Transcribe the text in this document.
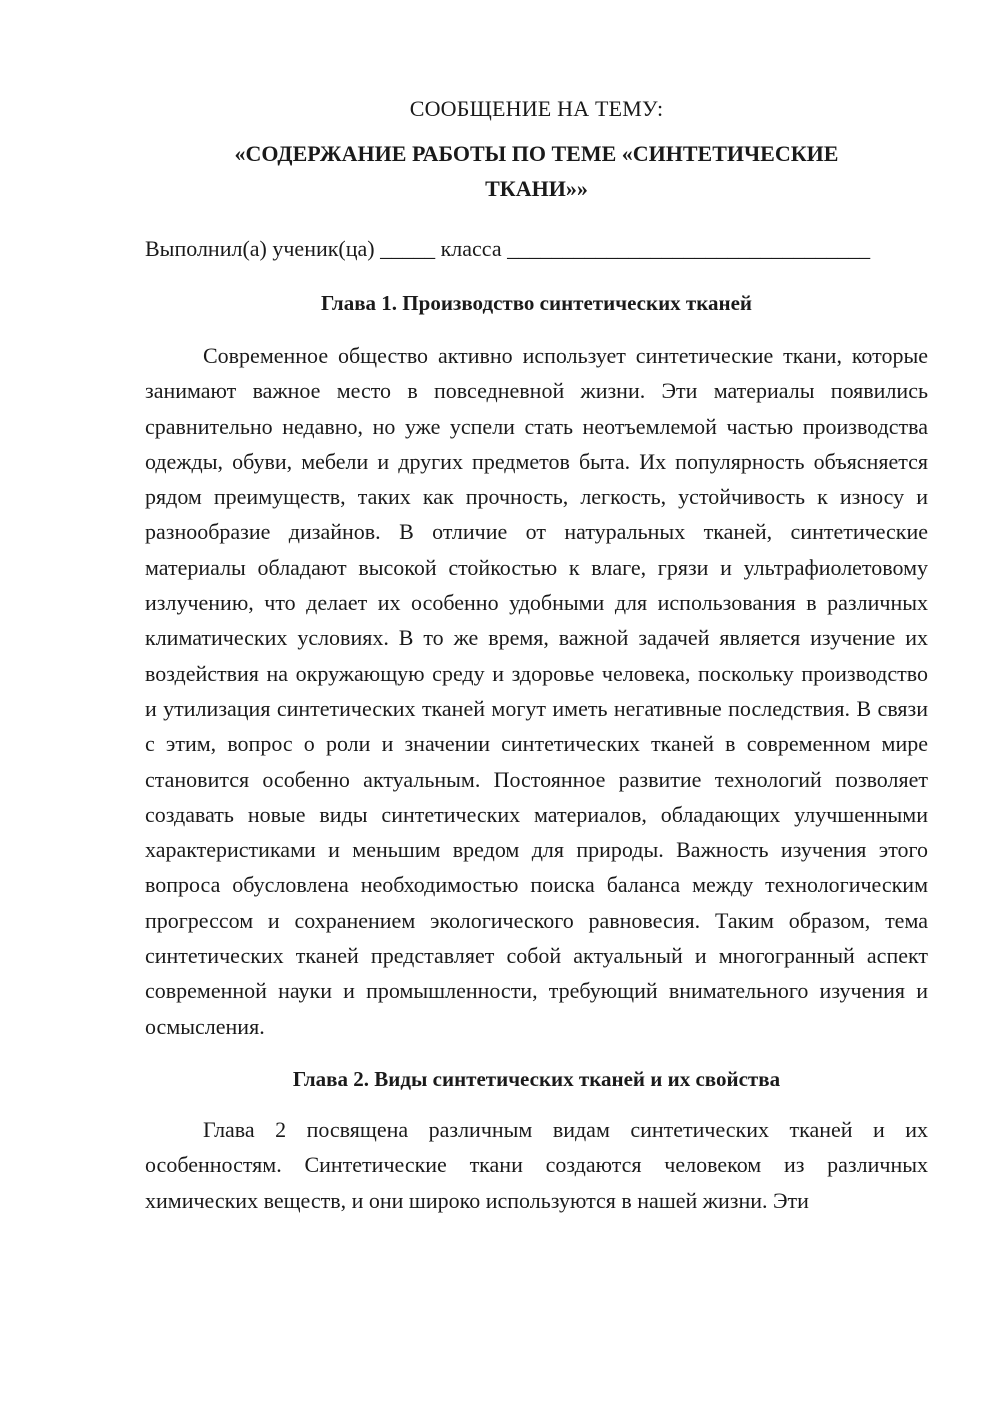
СООБЩЕНИЕ НА ТЕМУ:

«СОДЕРЖАНИЕ РАБОТЫ ПО ТЕМЕ «СИНТЕТИЧЕСКИЕ ТКАНИ»»

Выполнил(а) ученик(ца) _____ класса _________________________________

Глава 1. Производство синтетических тканей

Современное общество активно использует синтетические ткани, которые занимают важное место в повседневной жизни. Эти материалы появились сравнительно недавно, но уже успели стать неотъемлемой частью производства одежды, обуви, мебели и других предметов быта. Их популярность объясняется рядом преимуществ, таких как прочность, легкость, устойчивость к износу и разнообразие дизайнов. В отличие от натуральных тканей, синтетические материалы обладают высокой стойкостью к влаге, грязи и ультрафиолетовому излучению, что делает их особенно удобными для использования в различных климатических условиях. В то же время, важной задачей является изучение их воздействия на окружающую среду и здоровье человека, поскольку производство и утилизация синтетических тканей могут иметь негативные последствия. В связи с этим, вопрос о роли и значении синтетических тканей в современном мире становится особенно актуальным. Постоянное развитие технологий позволяет создавать новые виды синтетических материалов, обладающих улучшенными характеристиками и меньшим вредом для природы. Важность изучения этого вопроса обусловлена необходимостью поиска баланса между технологическим прогрессом и сохранением экологического равновесия. Таким образом, тема синтетических тканей представляет собой актуальный и многогранный аспект современной науки и промышленности, требующий внимательного изучения и осмысления.

Глава 2. Виды синтетических тканей и их свойства

Глава 2 посвящена различным видам синтетических тканей и их особенностям. Синтетические ткани создаются человеком из различных химических веществ, и они широко используются в нашей жизни. Эти
